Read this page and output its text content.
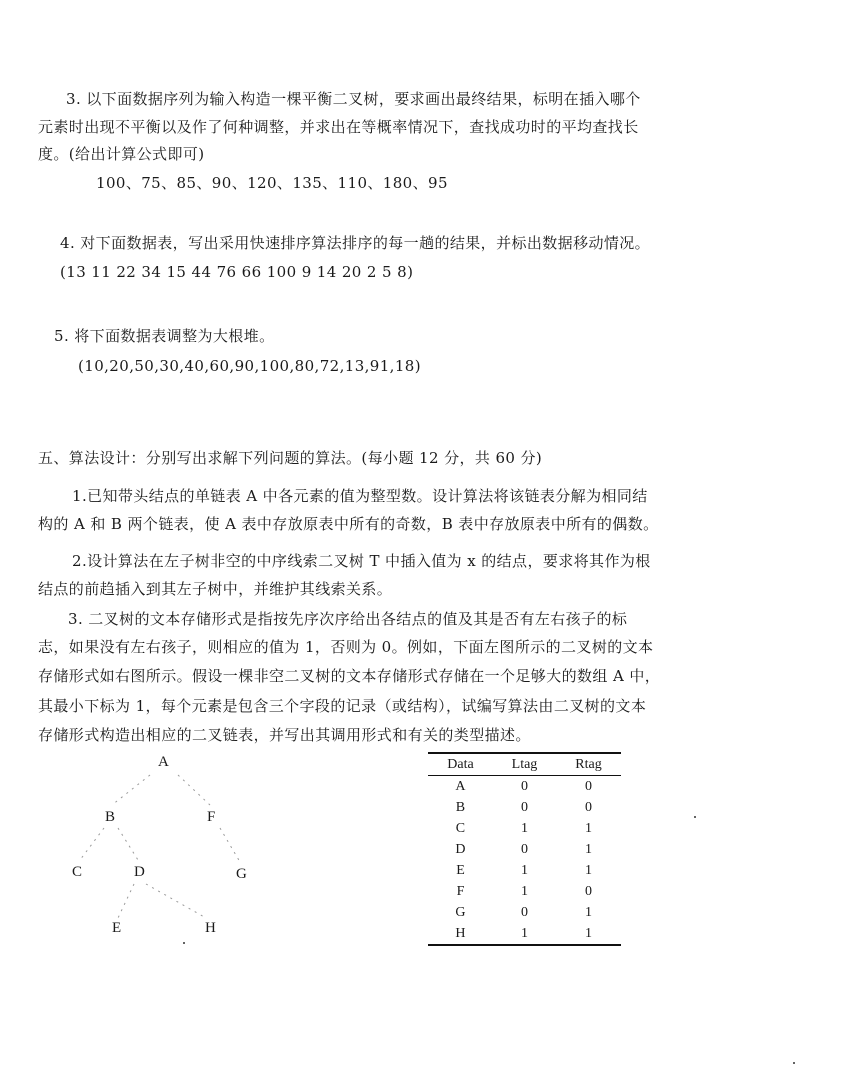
3. 以下面数据序列为输入构造一棵平衡二叉树，要求画出最终结果，标明在插入哪个
元素时出现不平衡以及作了何种调整，并求出在等概率情况下，查找成功时的平均查找长
度。(给出计算公式即可)
100、75、85、90、120、135、110、180、95
4. 对下面数据表，写出采用快速排序算法排序的每一趟的结果，并标出数据移动情况。
(13 11 22 34 15 44 76 66 100 9 14 20 2 5 8)
5. 将下面数据表调整为大根堆。
(10,20,50,30,40,60,90,100,80,72,13,91,18)
五、算法设计：分别写出求解下列问题的算法。(每小题 12 分，共 60 分)
1.已知带头结点的单链表 A 中各元素的值为整型数。设计算法将该链表分解为相同结
构的 A 和 B 两个链表，使 A 表中存放原表中所有的奇数，B 表中存放原表中所有的偶数。
2.设计算法在左子树非空的中序线索二叉树 T 中插入值为 x 的结点，要求将其作为根
结点的前趋插入到其左子树中，并维护其线索关系。
3. 二叉树的文本存储形式是指按先序次序给出各结点的值及其是否有左右孩子的标
志，如果没有左右孩子，则相应的值为 1，否则为 0。例如，下面左图所示的二叉树的文本
存储形式如右图所示。假设一棵非空二叉树的文本存储形式存储在一个足够大的数组 A 中，
其最小下标为 1，每个元素是包含三个字段的记录（或结构），试编写算法由二叉树的文本
存储形式构造出相应的二叉链表，并写出其调用形式和有关的类型描述。
A
B	F
C	D	G
E	H
Data	Ltag	Rtag
A	0	0
B	0	0
C	1	1
D	0	1
E	1	1
F	1	0
G	0	1
H	1	1
